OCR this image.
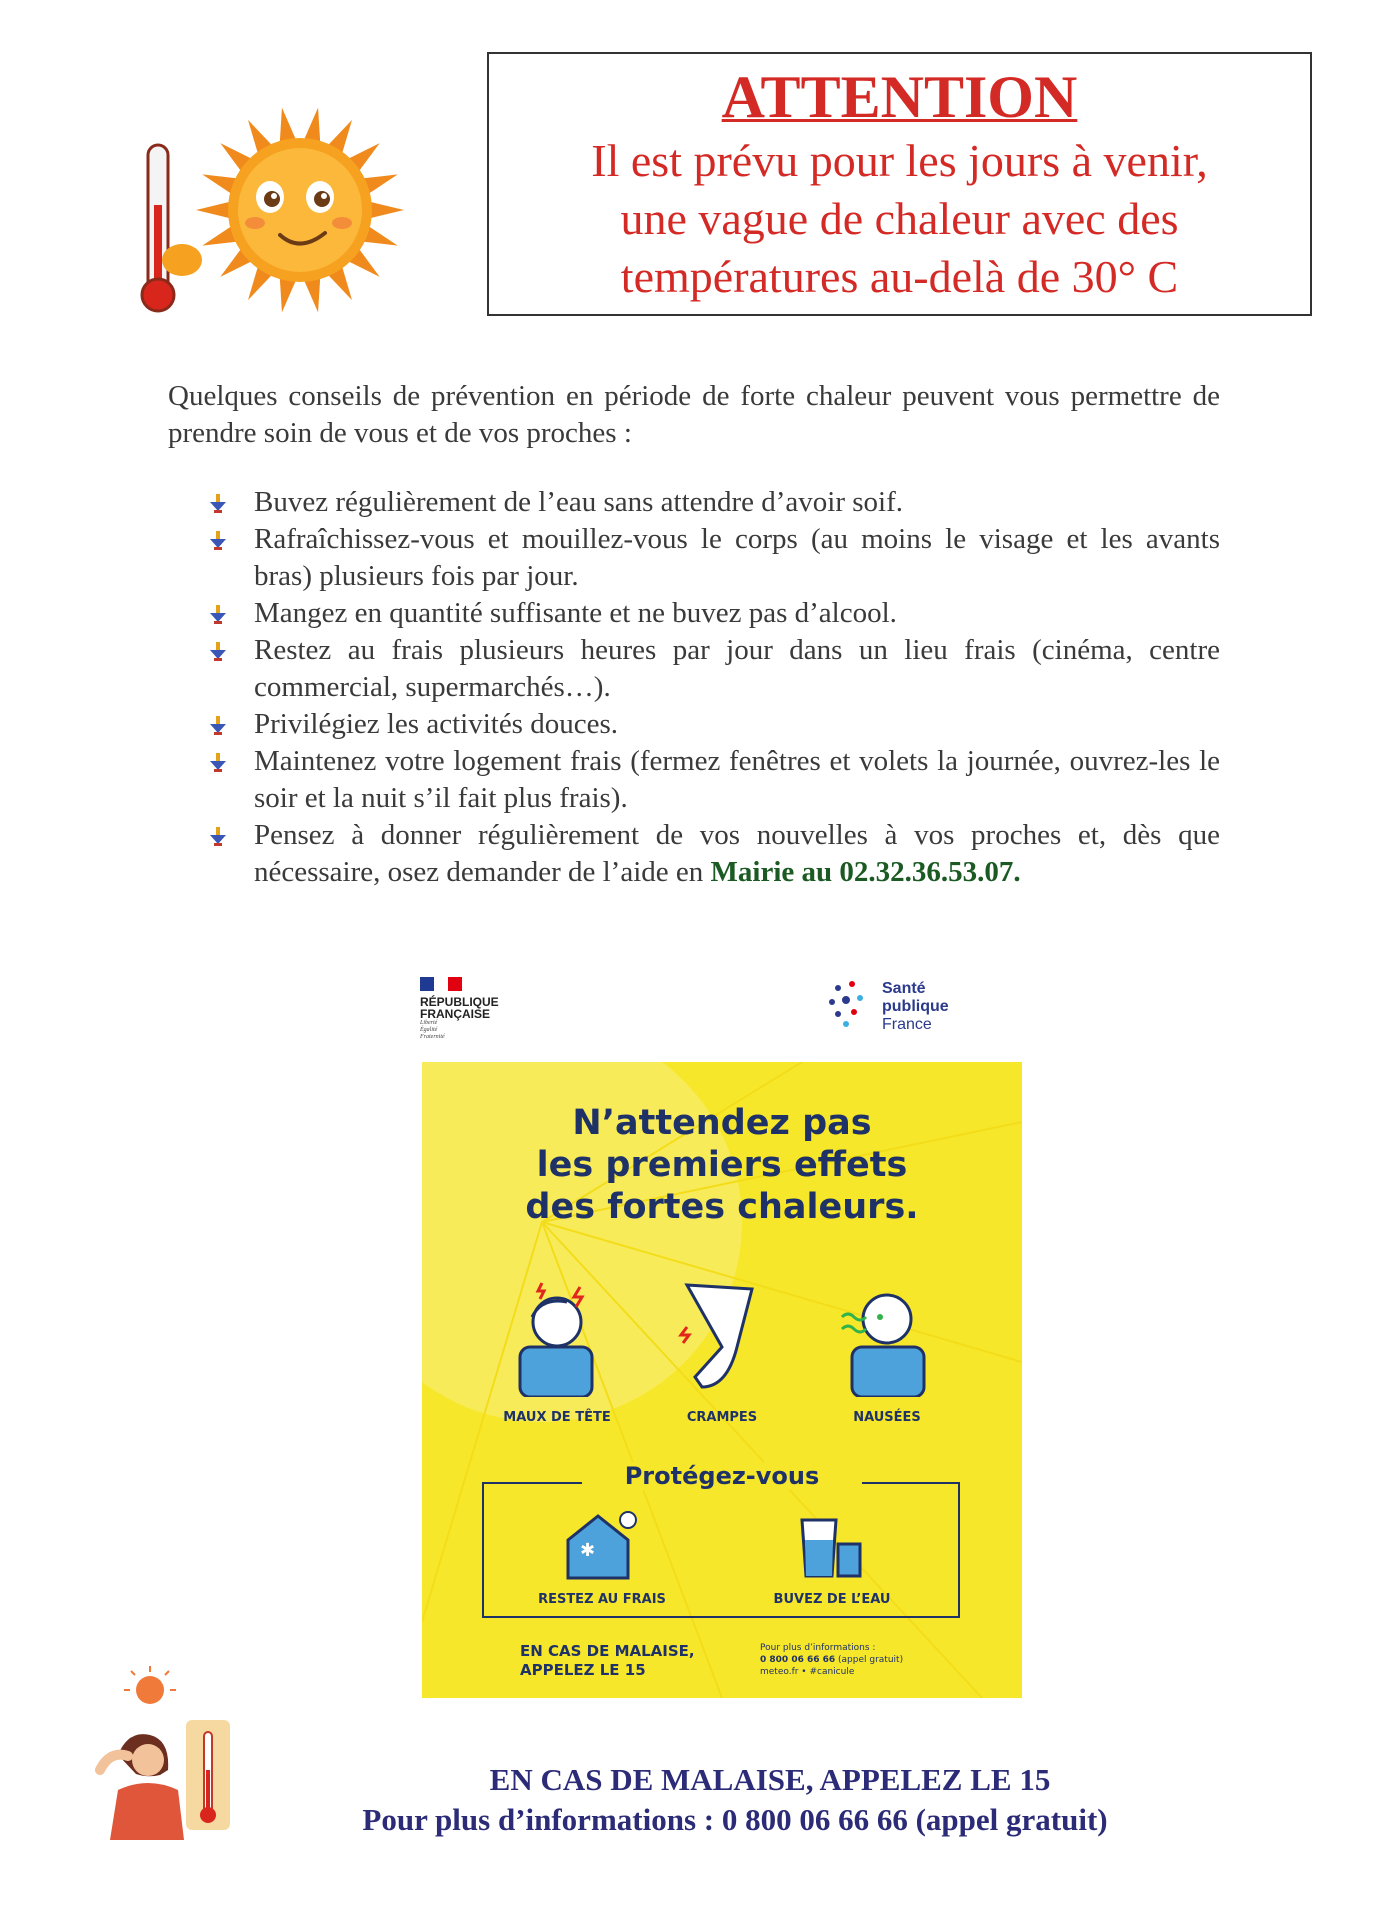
ATTENTION
Il est prévu pour les jours à venir,
une vague de chaleur avec des
températures au-delà de 30° C
Quelques conseils de prévention en période de forte chaleur peuvent vous permettre de prendre soin de vous et de vos proches :
Buvez régulièrement de l’eau sans attendre d’avoir soif.
Rafraîchissez-vous et mouillez-vous le corps (au moins le visage et les avants bras) plusieurs fois par jour.
Mangez en quantité suffisante et ne buvez pas d’alcool.
Restez au frais plusieurs heures par jour dans un lieu frais (cinéma, centre commercial, supermarchés…).
Privilégiez les activités douces.
Maintenez votre logement frais (fermez fenêtres et volets la journée, ouvrez-les le soir et la nuit s’il fait plus frais).
Pensez à donner régulièrement de vos nouvelles à vos proches et, dès que nécessaire, osez demander de l’aide en Mairie au 02.32.36.53.07.
RÉPUBLIQUE
FRANÇAISE
Liberté
Égalité
Fraternité
Santé
publique
France
N’attendez pas
les premiers effets
des fortes chaleurs.
MAUX DE TÊTE	CRAMPES	NAUSÉES
Protégez-vous
✱
RESTEZ AU FRAIS	BUVEZ DE L’EAU
EN CAS DE MALAISE,
APPELEZ LE 15
Pour plus d’informations :
0 800 06 66 66 (appel gratuit)
meteo.fr • #canicule
EN CAS DE MALAISE, APPELEZ LE 15
Pour plus d’informations : 0 800 06 66 66 (appel gratuit)
